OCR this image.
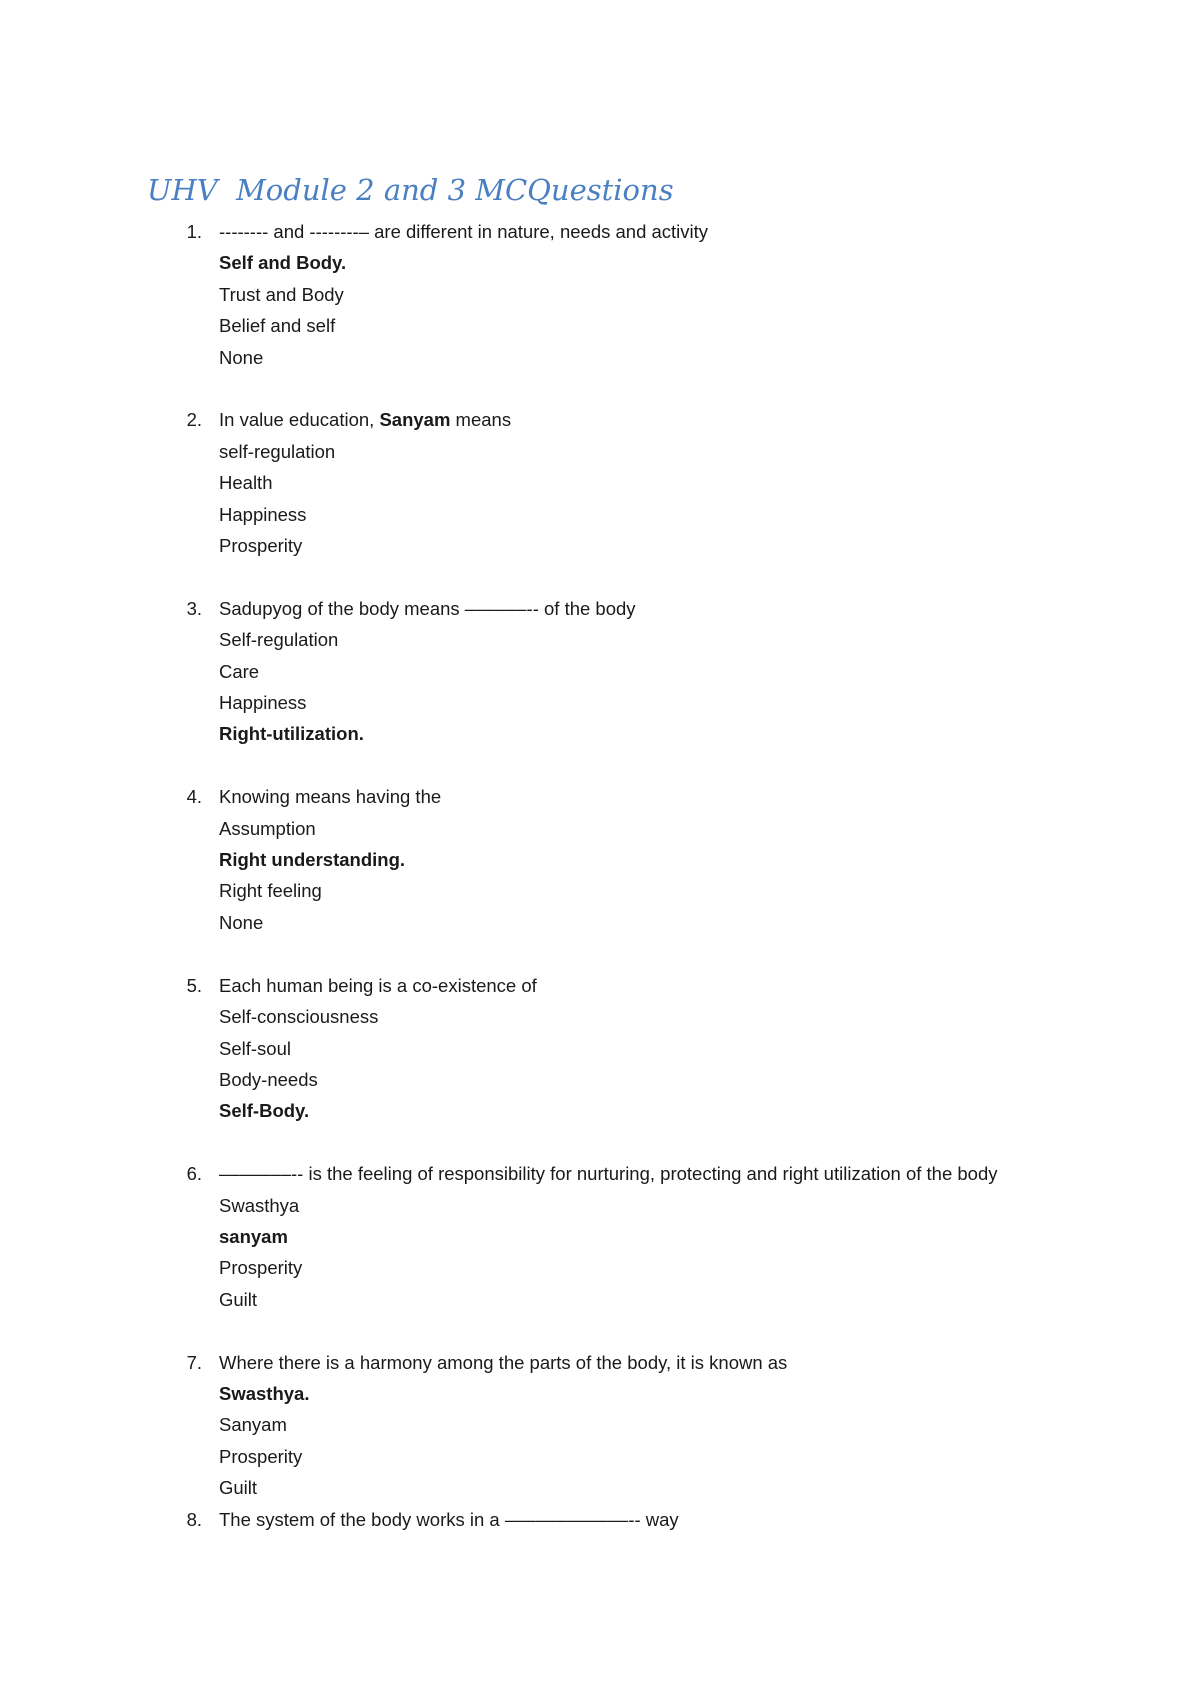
UHV  Module 2 and 3 MCQuestions
1. -------- and --------– are different in nature, needs and activity
Self and Body.
Trust and Body
Belief and self
None
2. In value education, Sanyam means
self-regulation
Health
Happiness
Prosperity
3. Sadupyog of the body means ––––––-- of the body
Self-regulation
Care
Happiness
Right-utilization.
4. Knowing means having the
Assumption
Right understanding.
Right feeling
None
5. Each human being is a co-existence of
Self-consciousness
Self-soul
Body-needs
Self-Body.
6. –––––––-- is the feeling of responsibility for nurturing, protecting and right utilization of the body
Swasthya
sanyam
Prosperity
Guilt
7. Where there is a harmony among the parts of the body, it is known as
Swasthya.
Sanyam
Prosperity
Guilt
8. The system of the body works in a ––––––––––––-- way
